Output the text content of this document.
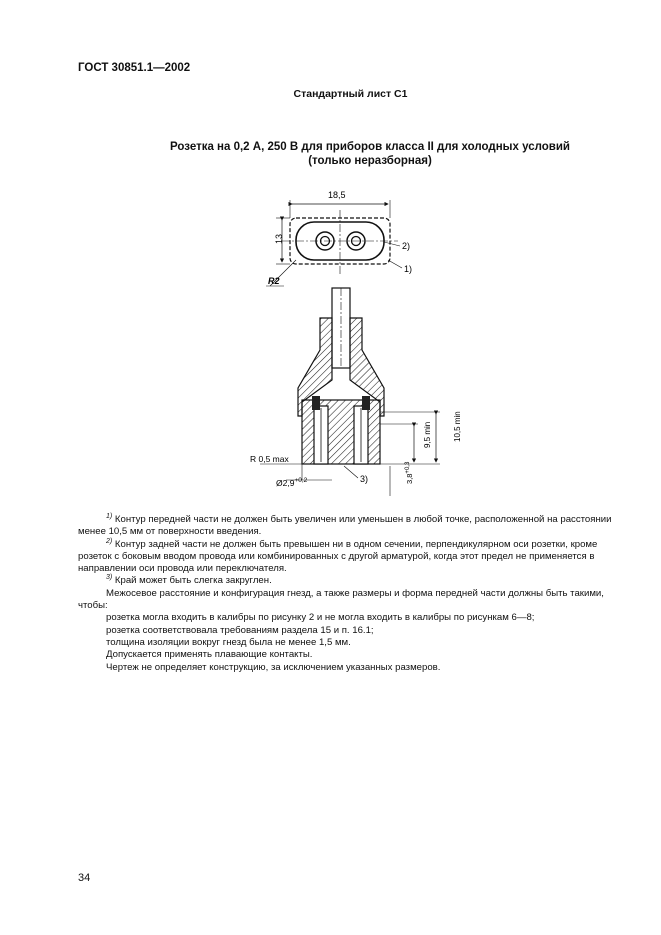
ГОСТ 30851.1—2002
Стандартный лист С1
Розетка на 0,2 А, 250 В для приборов класса II для холодных условий
(только неразборная)
18,5
13
R2
2)
1)
9,5 min	10,5 min
R 0,5 max
$Ø2,9^{+0,2}$	3)	$3,8^{+0,3}$

$^{1)}$ Контур передней части не должен быть увеличен или уменьшен в любой точке, расположенной на расстоянии менее 10,5 мм от поверхности введения.

$^{2)}$ Контур задней части не должен быть превышен ни в одном сечении, перпендикулярном оси розетки, кроме розеток с боковым вводом провода или комбинированных с другой арматурой, когда этот предел не применяется в направлении оси провода или переключателя.

$^{3)}$ Край может быть слегка закруглен.

Межосевое расстояние и конфигурация гнезд, а также размеры и форма передней части должны быть такими, чтобы:

розетка могла входить в калибры по рисунку 2 и не могла входить в калибры по рисункам 6—8;

розетка соответствовала требованиям раздела 15 и п. 16.1;

толщина изоляции вокруг гнезд была не менее 1,5 мм.

Допускается применять плавающие контакты.

Чертеж не определяет конструкцию, за исключением указанных размеров.

34
